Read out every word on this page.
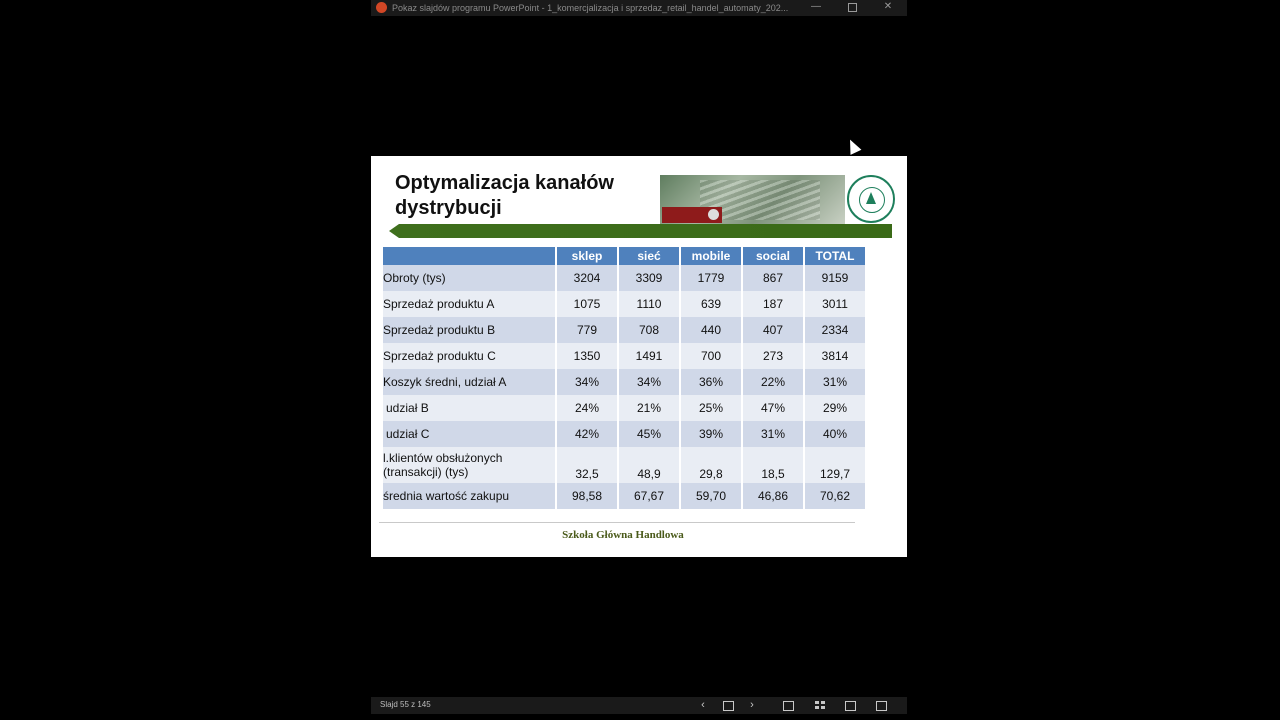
Pokaz slajdów programu PowerPoint - 1_komercjalizacja i sprzedaz_retail_handel_automaty_202...	—	✕
Optymalizacja kanałów
dystrybucji
	sklep	sieć	mobile	social	TOTAL
Obroty (tys)	3204	3309	1779	867	9159
Sprzedaż produktu A	1075	1110	639	187	3011
Sprzedaż produktu B	779	708	440	407	2334
Sprzedaż produktu C	1350	1491	700	273	3814
Koszyk średni, udział A	34%	34%	36%	22%	31%
udział B	24%	21%	25%	47%	29%
udział C	42%	45%	39%	31%	40%

l.klientów obsłużonych
(transakcji) (tys)	32,5	48,9	29,8	18,5	129,7
średnia wartość zakupu	98,58	67,67	59,70	46,86	70,62
Szkoła Główna Handlowa
Slajd 55 z 145	‹	›
